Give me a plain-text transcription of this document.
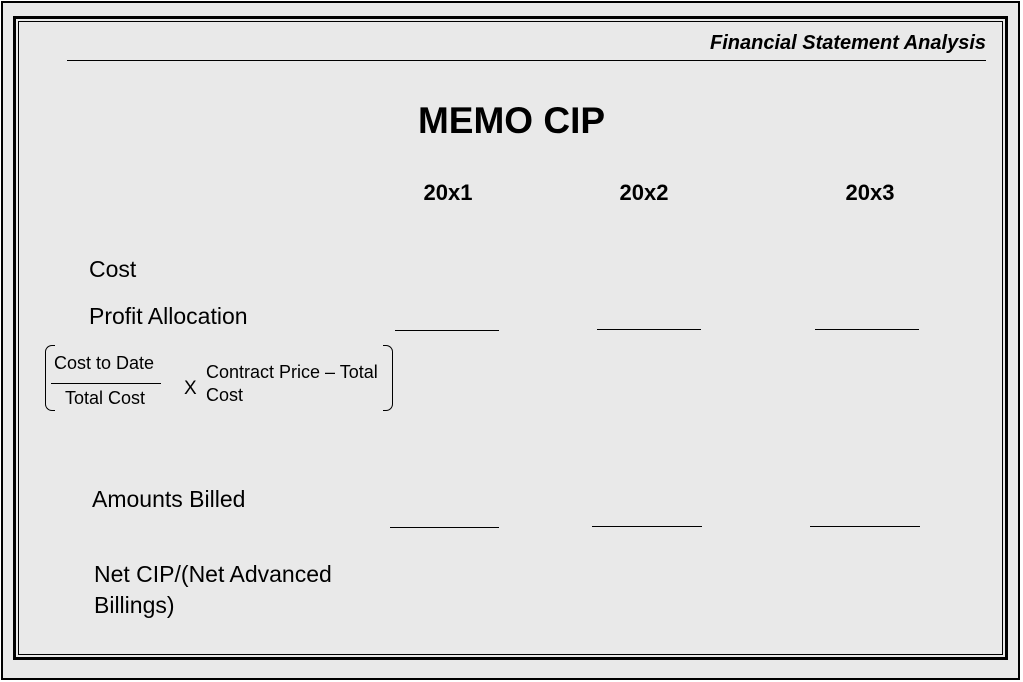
Financial Statement Analysis
MEMO CIP
20x1	20x2	20x3
Cost
Profit Allocation
Cost to Date
Total Cost X
Contract Price – Total Cost
Amounts Billed
Net CIP/(Net Advanced
Billings)
